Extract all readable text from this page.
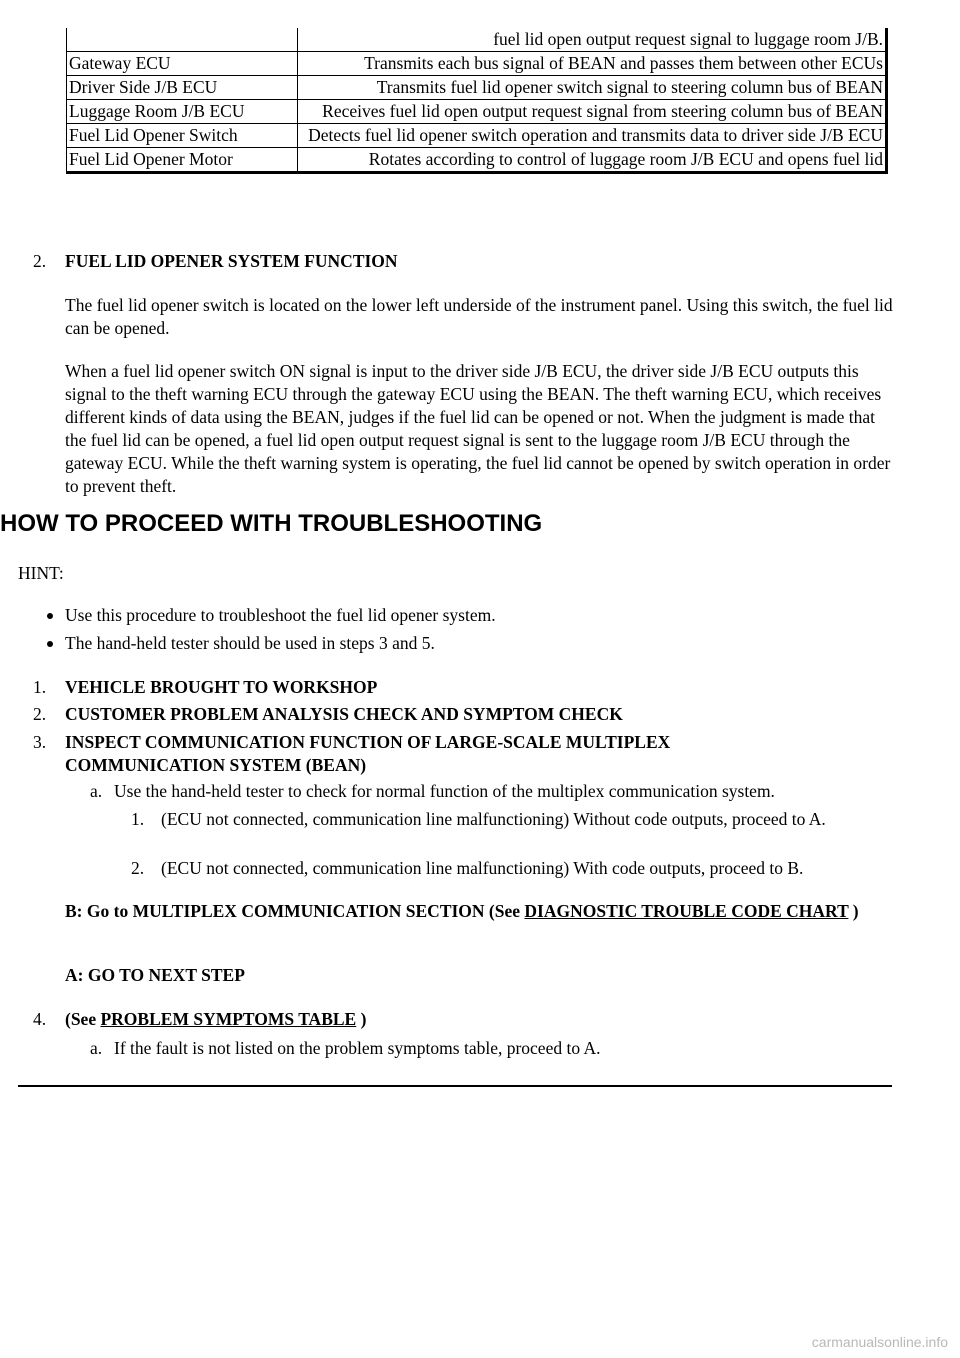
	fuel lid open output request signal to luggage room J/B.
Gateway ECU	Transmits each bus signal of BEAN and passes them between other ECUs
Driver Side J/B ECU	Transmits fuel lid opener switch signal to steering column bus of BEAN
Luggage Room J/B ECU	Receives fuel lid open output request signal from steering column bus of BEAN
Fuel Lid Opener Switch	Detects fuel lid opener switch operation and transmits data to driver side J/B ECU
Fuel Lid Opener Motor	Rotates according to control of luggage room J/B ECU and opens fuel lid
2. FUEL LID OPENER SYSTEM FUNCTION
The fuel lid opener switch is located on the lower left underside of the instrument panel. Using this switch, the fuel lid can be opened.
When a fuel lid opener switch ON signal is input to the driver side J/B ECU, the driver side J/B ECU outputs this signal to the theft warning ECU through the gateway ECU using the BEAN. The theft warning ECU, which receives different kinds of data using the BEAN, judges if the fuel lid can be opened or not. When the judgment is made that the fuel lid can be opened, a fuel lid open output request signal is sent to the luggage room J/B ECU through the gateway ECU. While the theft warning system is operating, the fuel lid cannot be opened by switch operation in order to prevent theft.
HOW TO PROCEED WITH TROUBLESHOOTING
HINT:
Use this procedure to troubleshoot the fuel lid opener system.
The hand-held tester should be used in steps 3 and 5.
1. VEHICLE BROUGHT TO WORKSHOP
2. CUSTOMER PROBLEM ANALYSIS CHECK AND SYMPTOM CHECK
3. INSPECT COMMUNICATION FUNCTION OF LARGE-SCALE MULTIPLEX COMMUNICATION SYSTEM (BEAN)
a. Use the hand-held tester to check for normal function of the multiplex communication system.
1. (ECU not connected, communication line malfunctioning) Without code outputs, proceed to A.
2. (ECU not connected, communication line malfunctioning) With code outputs, proceed to B.
B: Go to MULTIPLEX COMMUNICATION SECTION (See DIAGNOSTIC TROUBLE CODE CHART )
A: GO TO NEXT STEP
4. (See PROBLEM SYMPTOMS TABLE )
a. If the fault is not listed on the problem symptoms table, proceed to A.
carmanualsonline.info
